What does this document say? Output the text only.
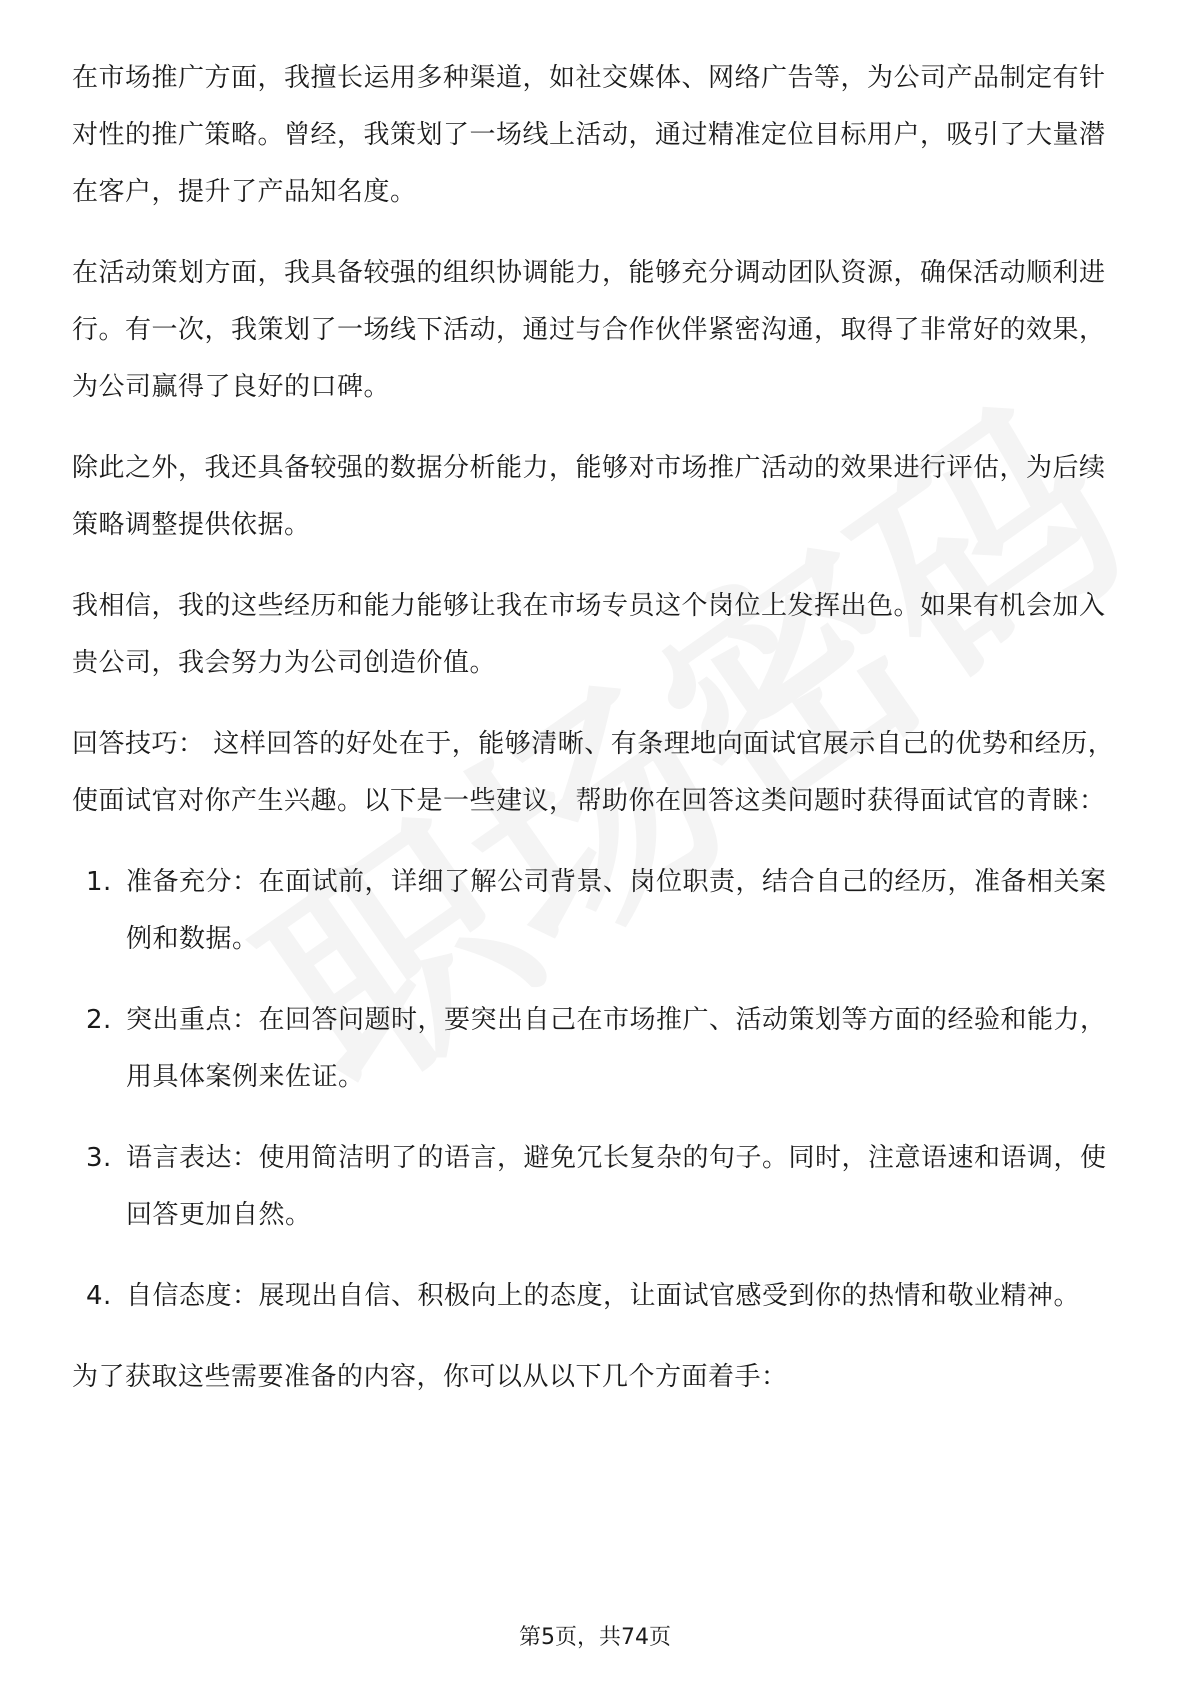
在市场推广方面，我擅长运用多种渠道，如社交媒体、网络广告等，为公司产品制定有针对性的推广策略。曾经，我策划了一场线上活动，通过精准定位目标用户，吸引了大量潜在客户，提升了产品知名度。

在活动策划方面，我具备较强的组织协调能力，能够充分调动团队资源，确保活动顺利进行。有一次，我策划了一场线下活动，通过与合作伙伴紧密沟通，取得了非常好的效果，为公司赢得了良好的口碑。

除此之外，我还具备较强的数据分析能力，能够对市场推广活动的效果进行评估，为后续策略调整提供依据。

我相信，我的这些经历和能力能够让我在市场专员这个岗位上发挥出色。如果有机会加入贵公司，我会努力为公司创造价值。

回答技巧： 这样回答的好处在于，能够清晰、有条理地向面试官展示自己的优势和经历，使面试官对你产生兴趣。以下是一些建议，帮助你在回答这类问题时获得面试官的青睐：

1. 准备充分：在面试前，详细了解公司背景、岗位职责，结合自己的经历，准备相关案例和数据。
2. 突出重点：在回答问题时，要突出自己在市场推广、活动策划等方面的经验和能力，用具体案例来佐证。
3. 语言表达：使用简洁明了的语言，避免冗长复杂的句子。同时，注意语速和语调，使回答更加自然。
4. 自信态度：展现出自信、积极向上的态度，让面试官感受到你的热情和敬业精神。

为了获取这些需要准备的内容，你可以从以下几个方面着手：

第5页，共74页
